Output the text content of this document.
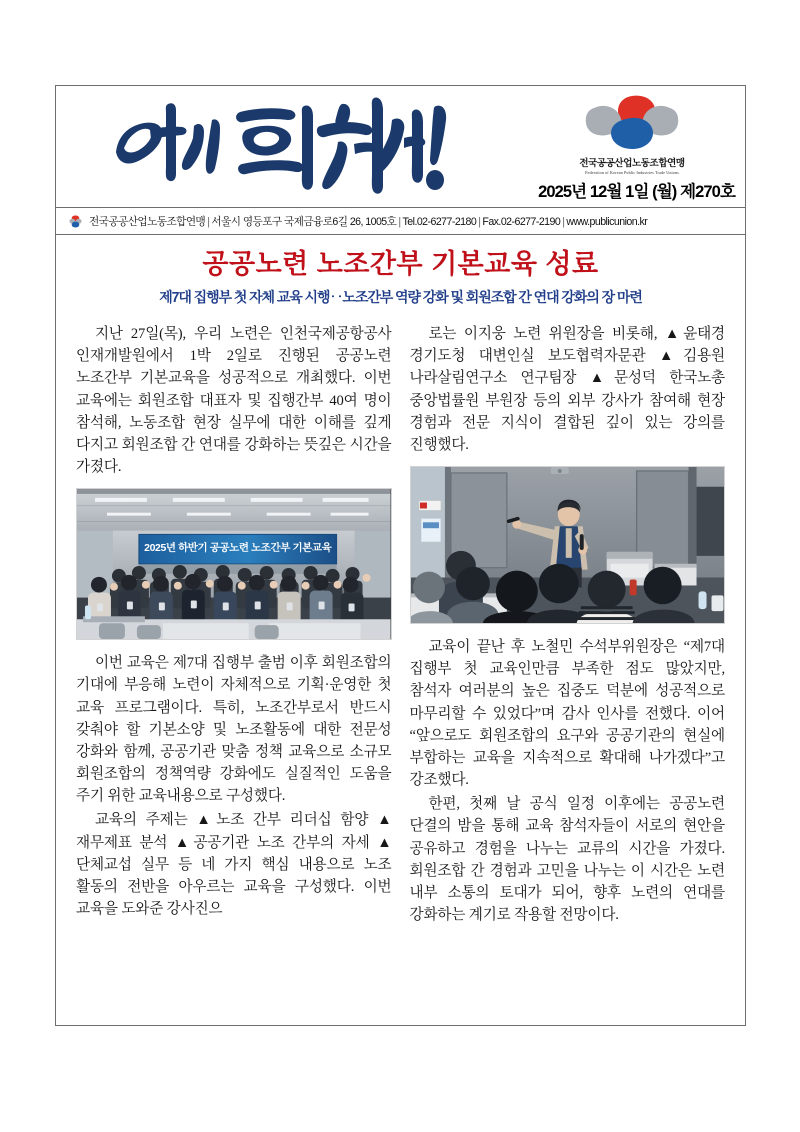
전국공공산업노동조합연맹
Federation of Korean Public Industries Trade Unions
2025년 12월 1일 (월) 제270호
전국공공산업노동조합연맹 | 서울시 영등포구 국제금융로6길 26, 1005호 | Tel.02-6277-2180 | Fax.02-6277-2190 | www.publicunion.kr
공공노련 노조간부 기본교육 성료
제7대 집행부 첫 자체 교육 시행‥노조간부 역량 강화 및 회원조합 간 연대 강화의 장 마련

지난 27일(목), 우리 노련은 인천국제공항공사 인재개발원에서 1박 2일로 진행된 공공노련 노조간부 기본교육을 성공적으로 개최했다. 이번 교육에는 회원조합 대표자 및 집행간부 40여 명이 참석해, 노동조합 현장 실무에 대한 이해를 깊게 다지고 회원조합 간 연대를 강화하는 뜻깊은 시간을 가졌다.

2025년 하반기 공공노련 노조간부 기본교육

이번 교육은 제7대 집행부 출범 이후 회원조합의 기대에 부응해 노련이 자체적으로 기획·운영한 첫 교육 프로그램이다. 특히, 노조간부로서 반드시 갖춰야 할 기본소양 및 노조활동에 대한 전문성 강화와 함께, 공공기관 맞춤 정책 교육으로 소규모 회원조합의 정책역량 강화에도 실질적인 도움을 주기 위한 교육내용으로 구성했다.

교육의 주제는 ▲노조 간부 리더십 함양 ▲재무제표 분석 ▲공공기관 노조 간부의 자세 ▲단체교섭 실무 등 네 가지 핵심 내용으로 노조 활동의 전반을 아우르는 교육을 구성했다. 이번 교육을 도와준 강사진으

로는 이지웅 노련 위원장을 비롯해, ▲윤태경 경기도청 대변인실 보도협력자문관 ▲김용원 나라살림연구소 연구팀장 ▲문성덕 한국노총 중앙법률원 부원장 등의 외부 강사가 참여해 현장 경험과 전문 지식이 결합된 깊이 있는 강의를 진행했다.

교육이 끝난 후 노철민 수석부위원장은 “제7대 집행부 첫 교육인만큼 부족한 점도 많았지만, 참석자 여러분의 높은 집중도 덕분에 성공적으로 마무리할 수 있었다”며 감사 인사를 전했다. 이어 “앞으로도 회원조합의 요구와 공공기관의 현실에 부합하는 교육을 지속적으로 확대해 나가겠다”고 강조했다.

한편, 첫째 날 공식 일정 이후에는 공공노련 단결의 밤을 통해 교육 참석자들이 서로의 현안을 공유하고 경험을 나누는 교류의 시간을 가졌다. 회원조합 간 경험과 고민을 나누는 이 시간은 노련 내부 소통의 토대가 되어, 향후 노련의 연대를 강화하는 계기로 작용할 전망이다.
